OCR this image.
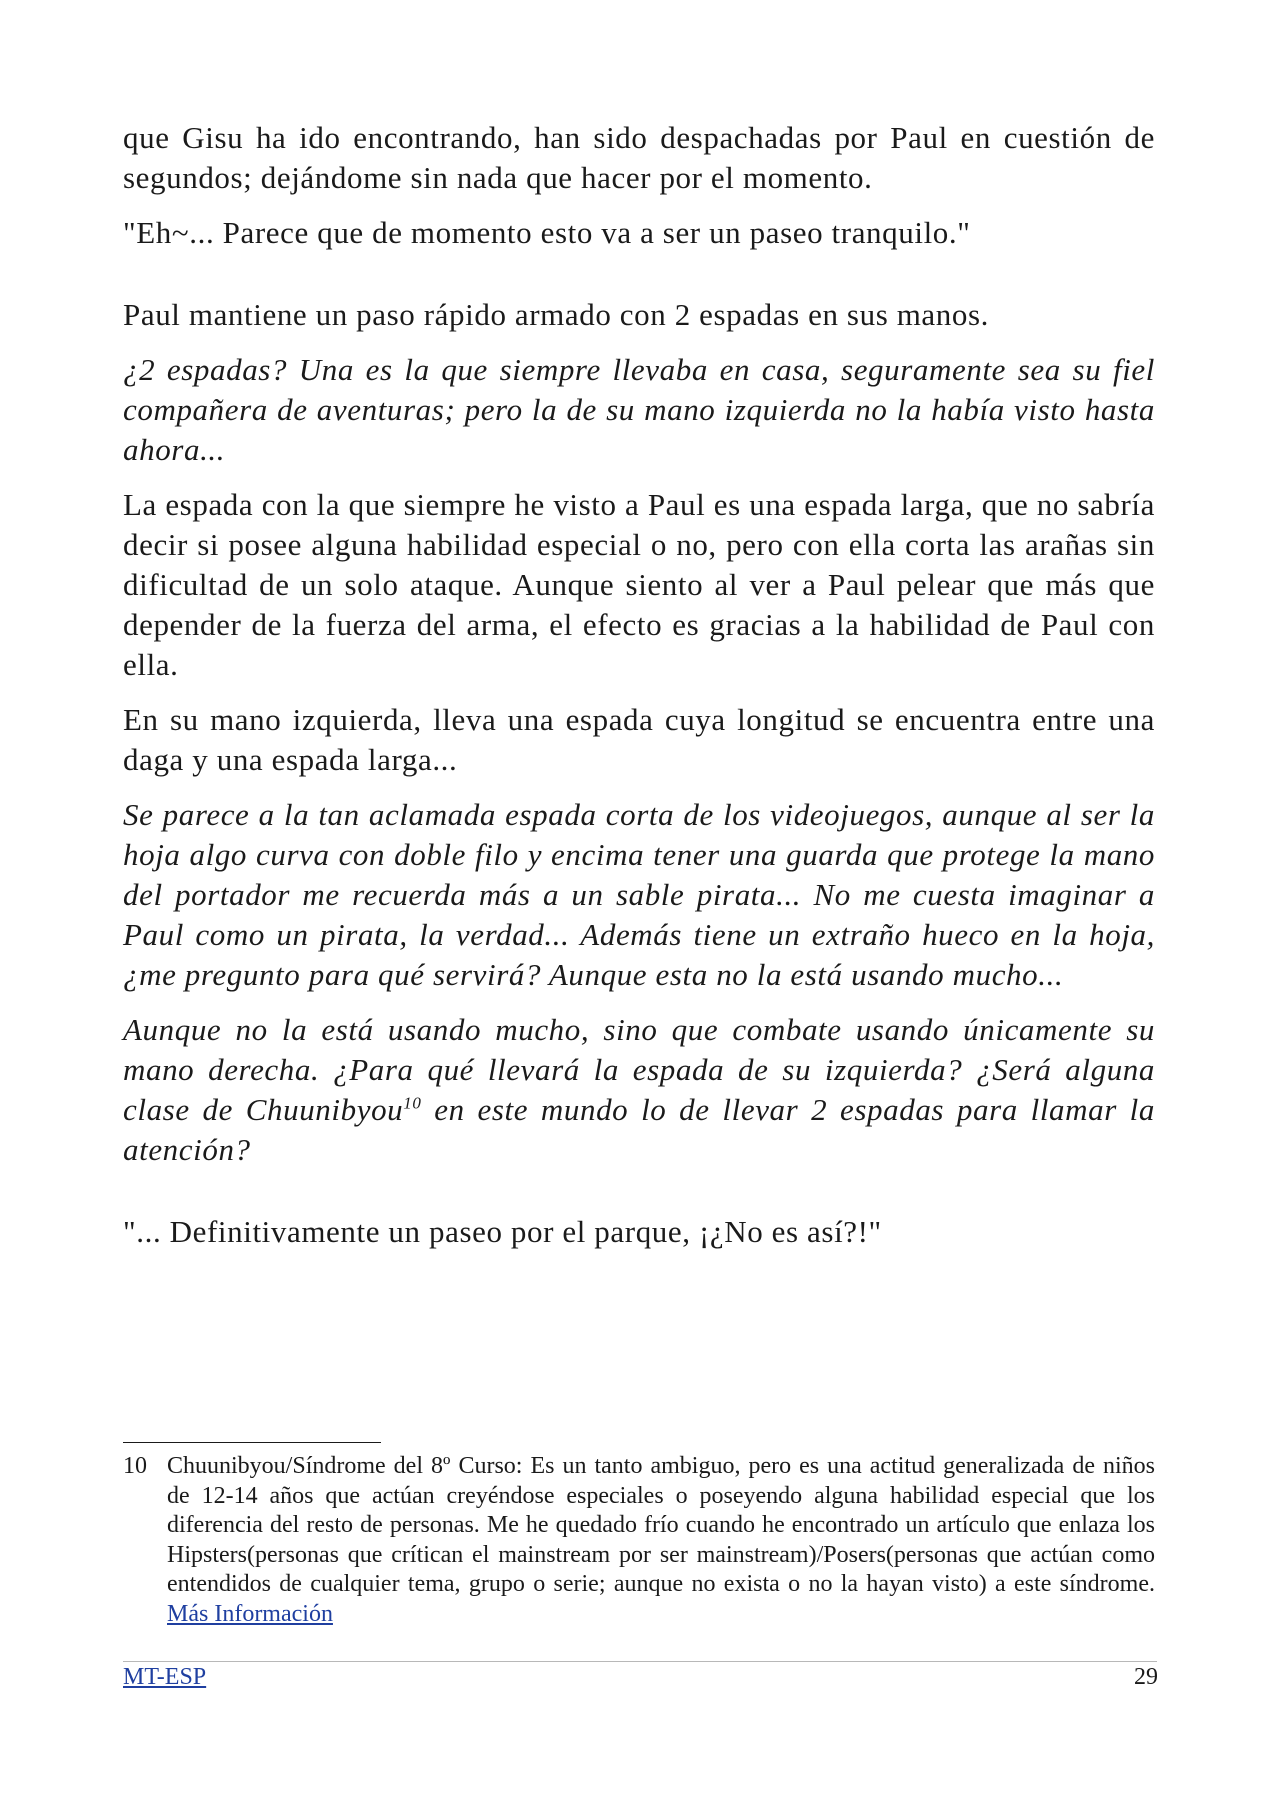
que Gisu ha ido encontrando, han sido despachadas por Paul en cuestión de segundos; dejándome sin nada que hacer por el momento.

"Eh~... Parece que de momento esto va a ser un paseo tranquilo."

Paul mantiene un paso rápido armado con 2 espadas en sus manos.

¿2 espadas? Una es la que siempre llevaba en casa, seguramente sea su fiel compañera de aventuras; pero la de su mano izquierda no la había visto hasta ahora...

La espada con la que siempre he visto a Paul es una espada larga, que no sabría decir si posee alguna habilidad especial o no, pero con ella corta las arañas sin dificultad de un solo ataque. Aunque siento al ver a Paul pelear que más que depender de la fuerza del arma, el efecto es gracias a la habilidad de Paul con ella.

En su mano izquierda, lleva una espada cuya longitud se encuentra entre una daga y una espada larga...

Se parece a la tan aclamada espada corta de los videojuegos, aunque al ser la hoja algo curva con doble filo y encima tener una guarda que protege la mano del portador me recuerda más a un sable pirata... No me cuesta imaginar a Paul como un pirata, la verdad... Además tiene un extraño hueco en la hoja, ¿me pregunto para qué servirá? Aunque esta no la está usando mucho...

Aunque no la está usando mucho, sino que combate usando únicamente su mano derecha. ¿Para qué llevará la espada de su izquierda? ¿Será alguna clase de Chuunibyou$^{10}$ en este mundo lo de llevar 2 espadas para llamar la atención?

"... Definitivamente un paseo por el parque, ¡¿No es así?!"

10 Chuunibyou/Síndrome del 8º Curso: Es un tanto ambiguo, pero es una actitud generalizada de niños de 12-14 años que actúan creyéndose especiales o poseyendo alguna habilidad especial que los diferencia del resto de personas. Me he quedado frío cuando he encontrado un artículo que enlaza los Hipsters(personas que crítican el mainstream por ser mainstream)/Posers(personas que actúan como entendidos de cualquier tema, grupo o serie; aunque no exista o no la hayan visto) a este síndrome. Más Información
MT-ESP	29
